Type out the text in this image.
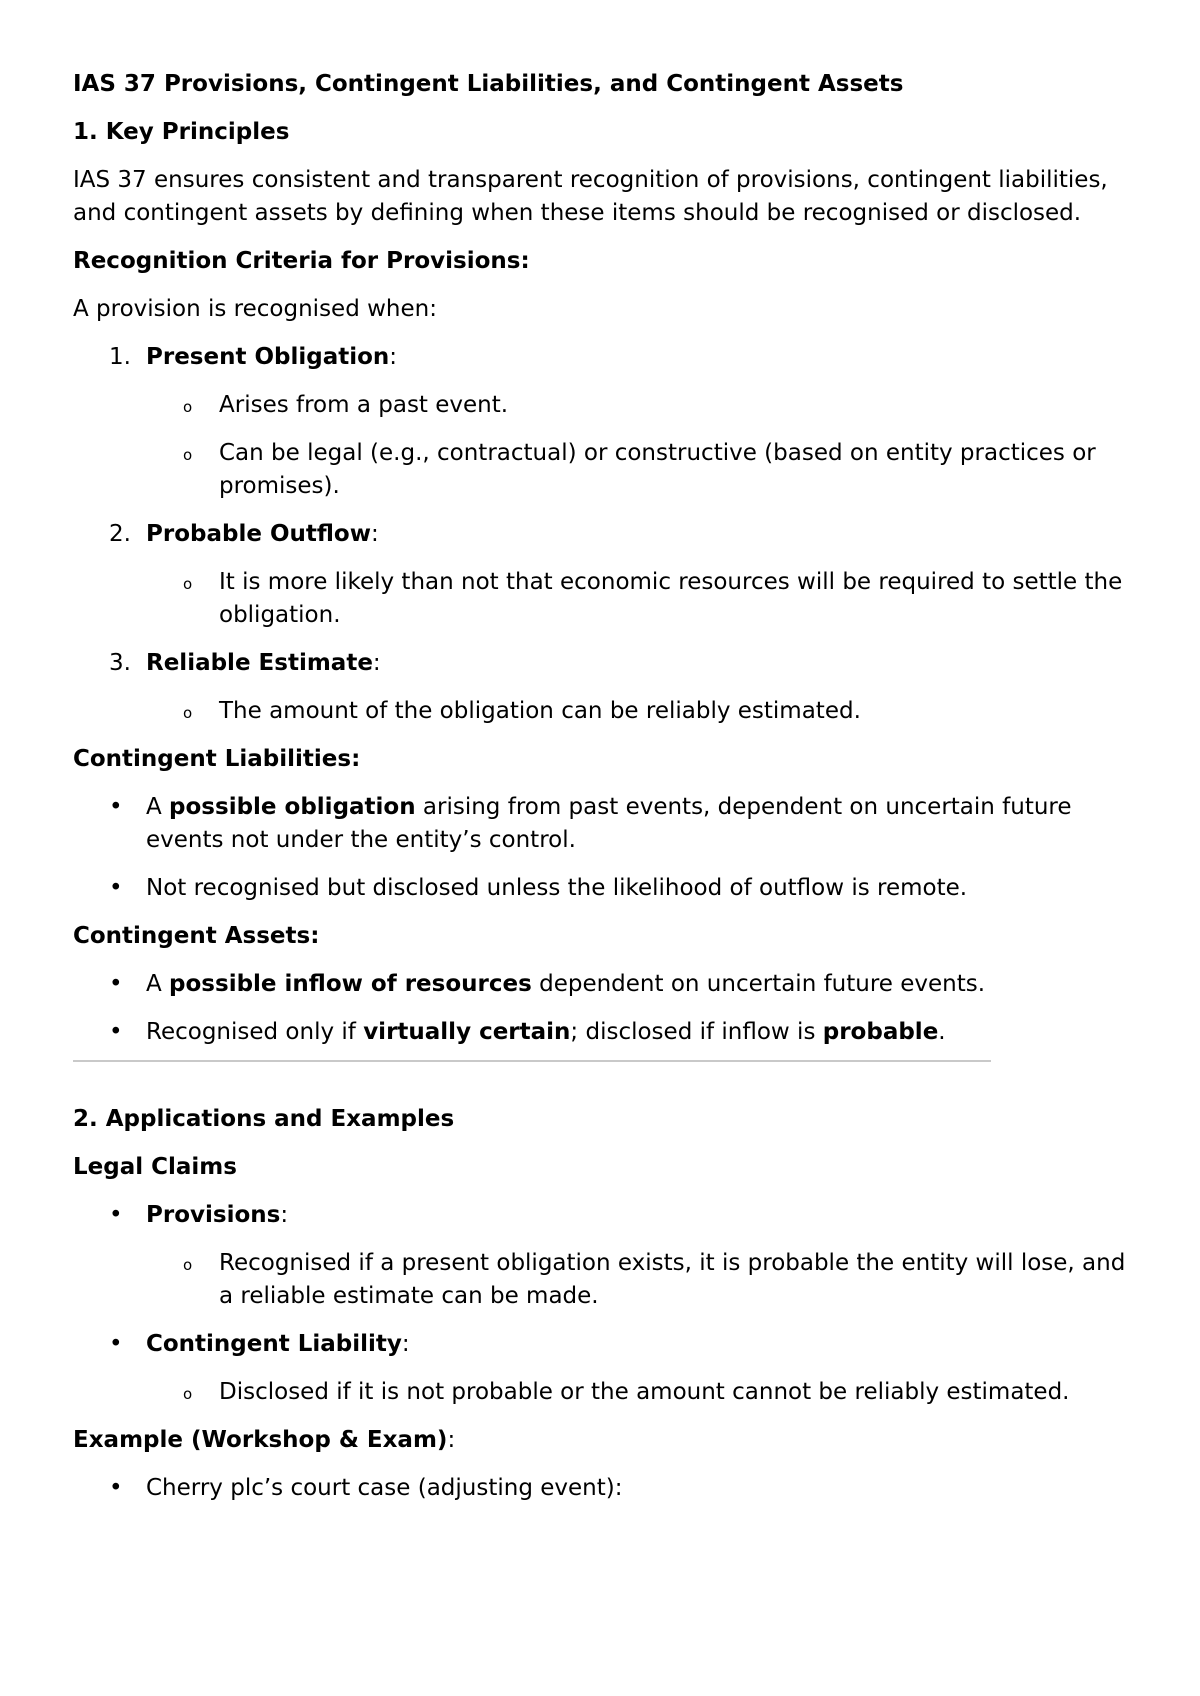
IAS 37 Provisions, Contingent Liabilities, and Contingent Assets

1. Key Principles

IAS 37 ensures consistent and transparent recognition of provisions, contingent liabilities, and contingent assets by defining when these items should be recognised or disclosed.

Recognition Criteria for Provisions:

A provision is recognised when:

1. Present Obligation:
o Arises from a past event.
o Can be legal (e.g., contractual) or constructive (based on entity practices or promises).
2. Probable Outflow:
o It is more likely than not that economic resources will be required to settle the obligation.
3. Reliable Estimate:
o The amount of the obligation can be reliably estimated.

Contingent Liabilities:

• A possible obligation arising from past events, dependent on uncertain future events not under the entity’s control.
• Not recognised but disclosed unless the likelihood of outflow is remote.

Contingent Assets:

• A possible inflow of resources dependent on uncertain future events.
• Recognised only if virtually certain; disclosed if inflow is probable.

2. Applications and Examples

Legal Claims

• Provisions:
o Recognised if a present obligation exists, it is probable the entity will lose, and a reliable estimate can be made.
• Contingent Liability:
o Disclosed if it is not probable or the amount cannot be reliably estimated.

Example (Workshop & Exam):

• Cherry plc’s court case (adjusting event):
